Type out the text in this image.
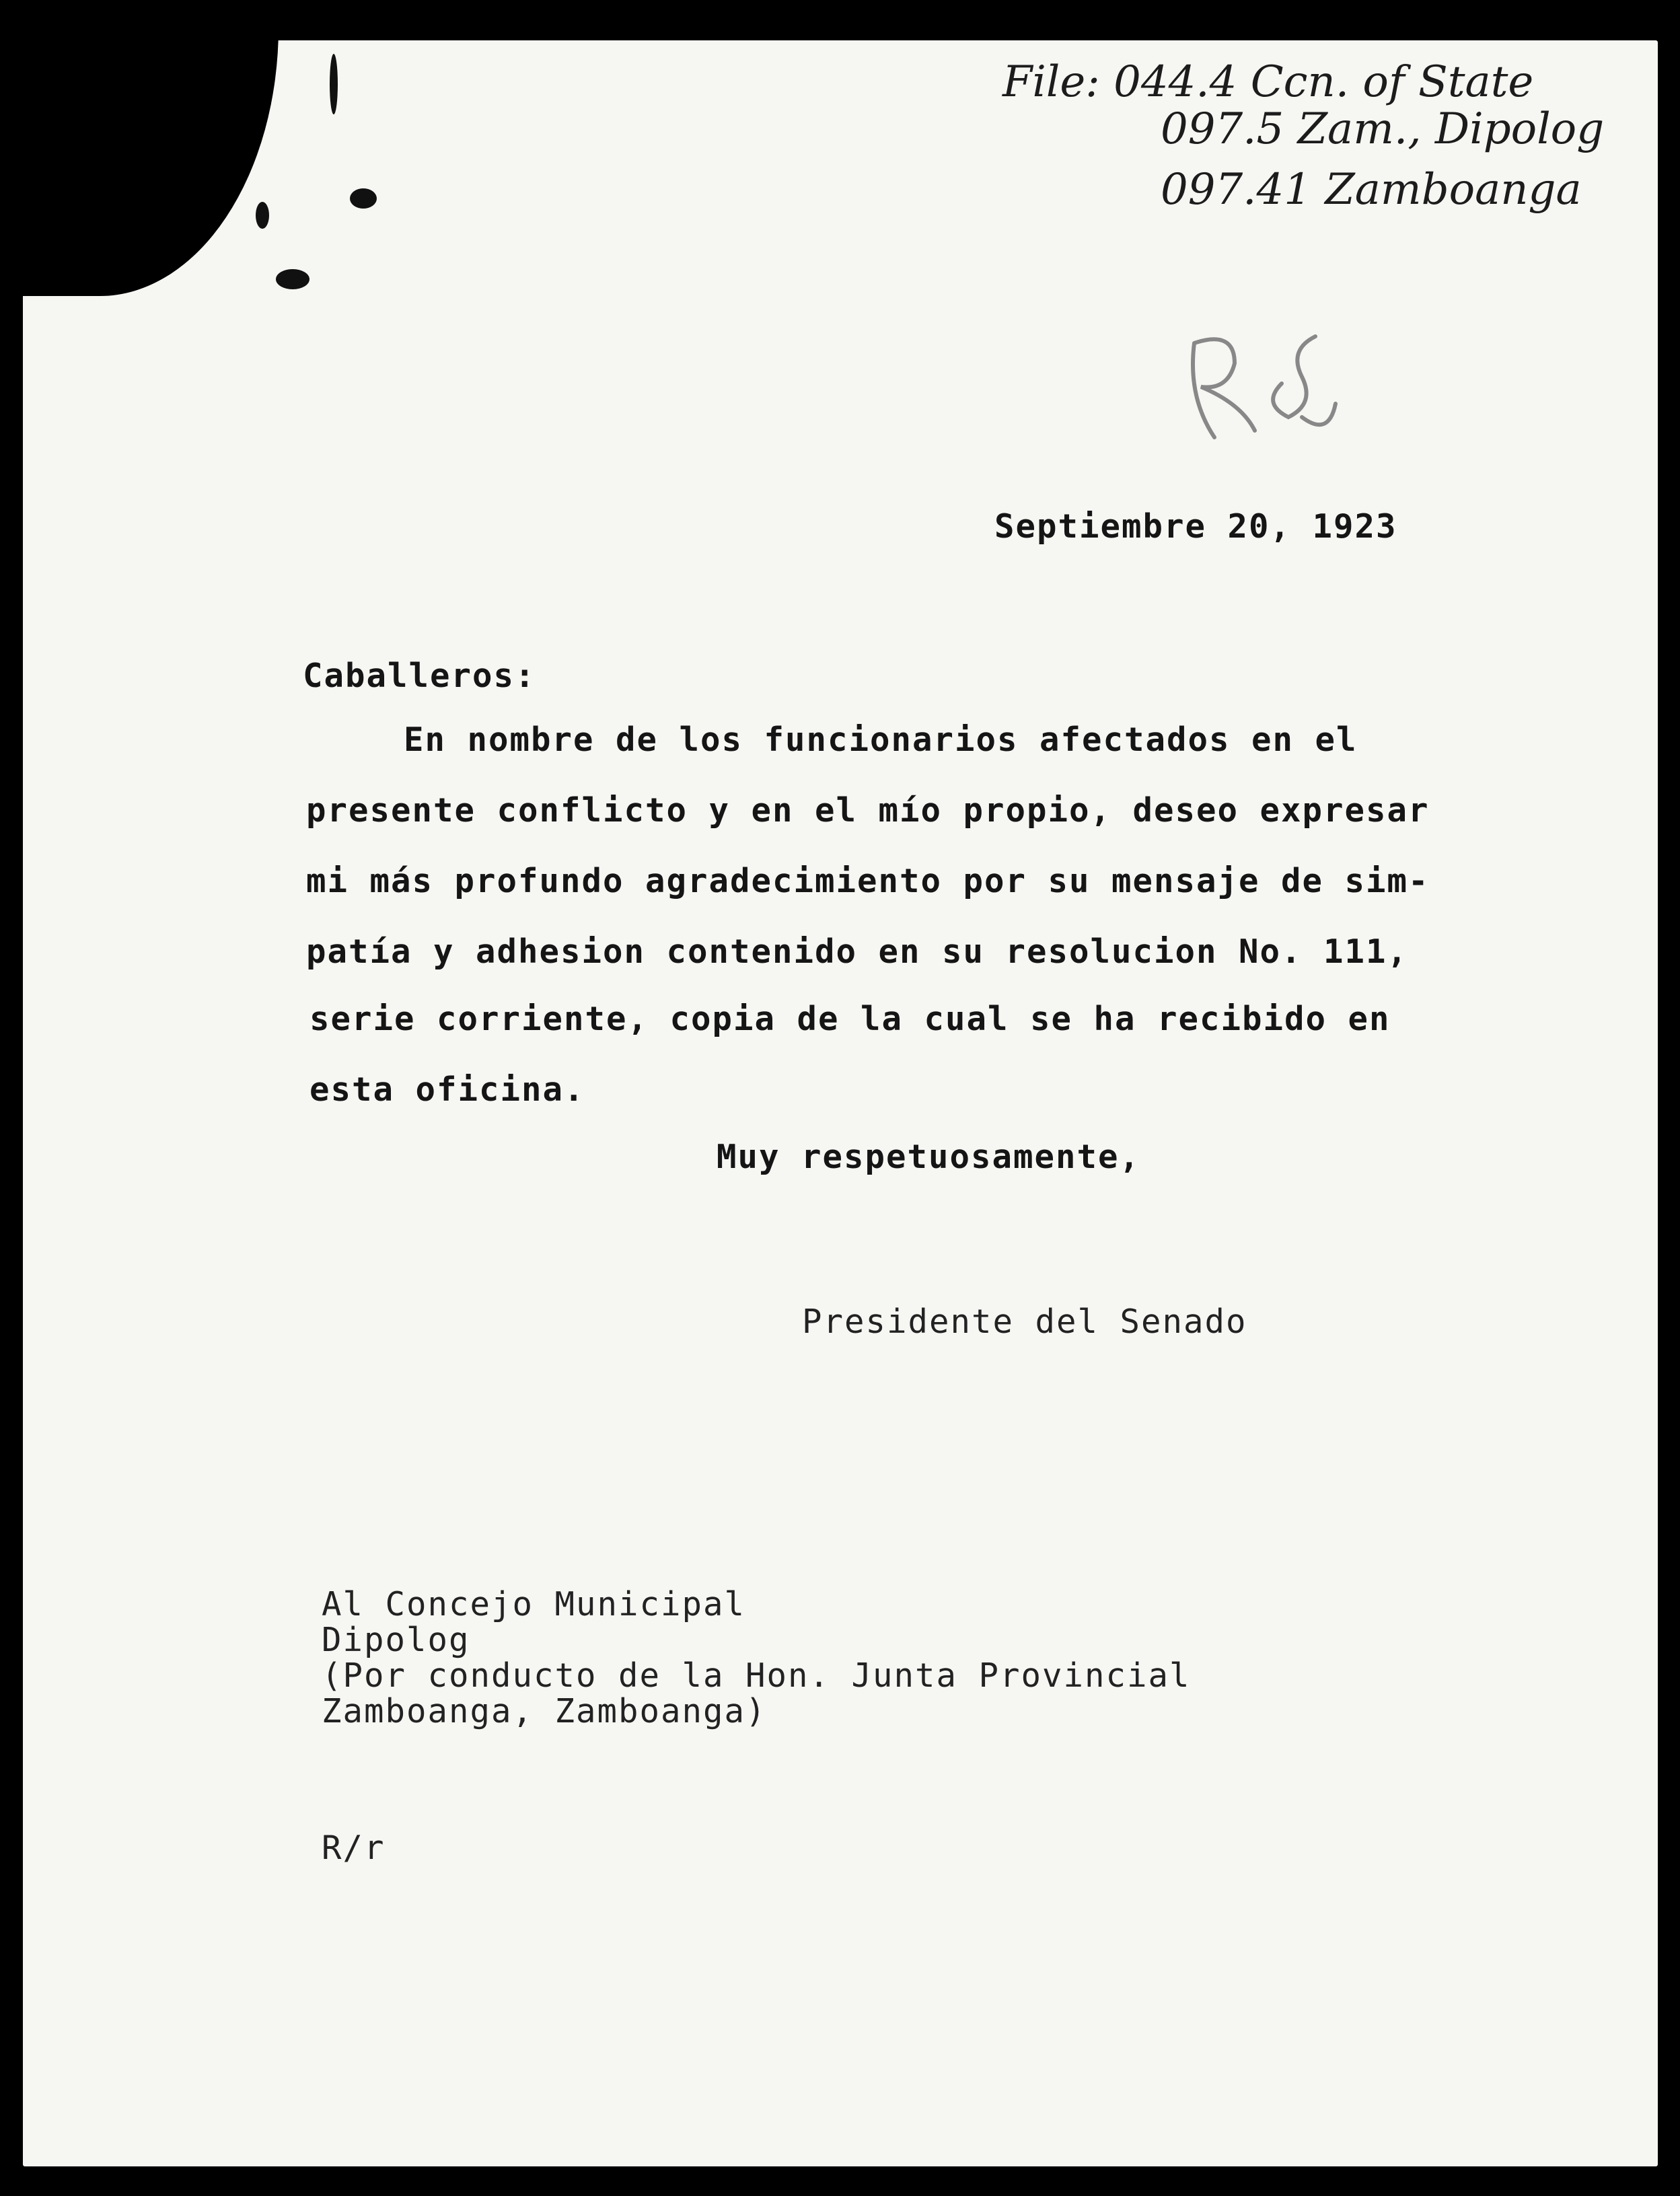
File: 044.4 Ccn. of State
097.5 Zam., Dipolog
097.41 Zamboanga
Septiembre 20, 1923
Caballeros:
En nombre de los funcionarios afectados en el
presente conflicto y en el mío propio, deseo expresar
mi más profundo agradecimiento por su mensaje de sim-
patía y adhesion contenido en su resolucion No. 111,
serie corriente, copia de la cual se ha recibido en
esta oficina.
Muy respetuosamente,
Presidente del Senado
Al Concejo Municipal
Dipolog
(Por conducto de la Hon. Junta Provincial
Zamboanga, Zamboanga)
R/r
